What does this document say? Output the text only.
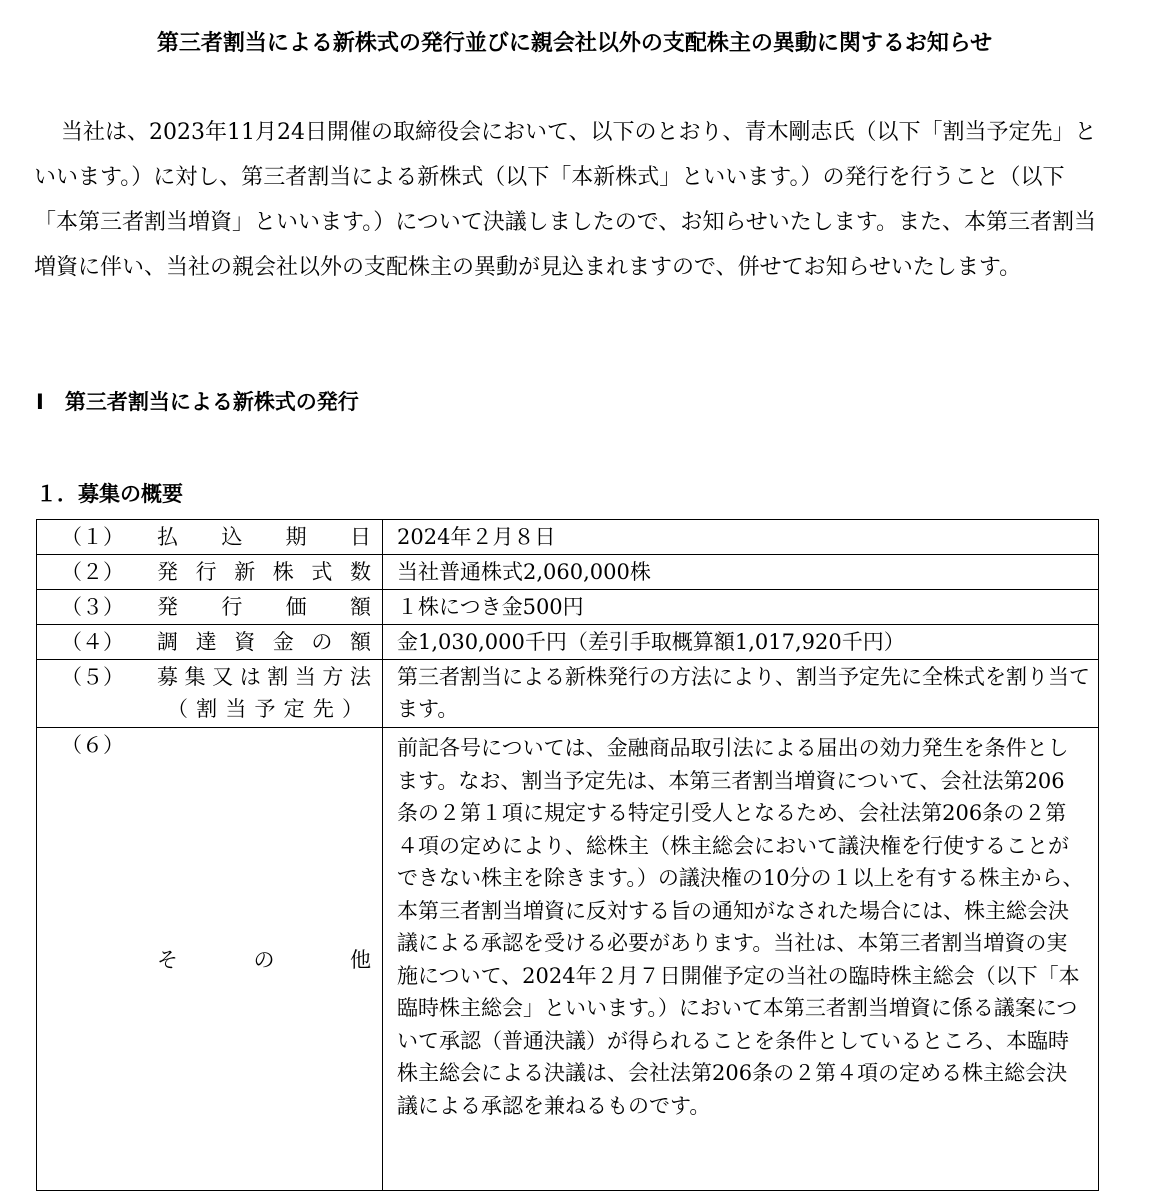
第三者割当による新株式の発行並びに親会社以外の支配株主の異動に関するお知らせ

当社は、2023年11月24日開催の取締役会において、以下のとおり、青木剛志氏（以下「割当予定先」といいます。）に対し、第三者割当による新株式（以下「本新株式」といいます。）の発行を行うこと（以下「本第三者割当増資」といいます。）について決議しましたので、お知らせいたします。また、本第三者割当増資に伴い、当社の親会社以外の支配株主の異動が見込まれますので、併せてお知らせいたします。

Ⅰ　第三者割当による新株式の発行
１．募集の概要
（１） 払込期日	2024年２月８日

（２） 発行新株式数	当社普通株式2,060,000株

（３） 発行価額	１株につき金500円

（４） 調達資金の額	金1,030,000千円（差引手取概算額1,017,920千円）

（５） 募集又は割当方法
（割当予定先）	第三者割当による新株発行の方法により、割当予定先に全株式を割り当てます。

（６）
その他	前記各号については、金融商品取引法による届出の効力発生を条件とします。なお、割当予定先は、本第三者割当増資について、会社法第206条の２第１項に規定する特定引受人となるため、会社法第206条の２第４項の定めにより、総株主（株主総会において議決権を行使することができない株主を除きます。）の議決権の10分の１以上を有する株主から、本第三者割当増資に反対する旨の通知がなされた場合には、株主総会決議による承認を受ける必要があります。当社は、本第三者割当増資の実施について、2024年２月７日開催予定の当社の臨時株主総会（以下「本臨時株主総会」といいます。）において本第三者割当増資に係る議案について承認（普通決議）が得られることを条件としているところ、本臨時株主総会による決議は、会社法第206条の２第４項の定める株主総会決議による承認を兼ねるものです。
